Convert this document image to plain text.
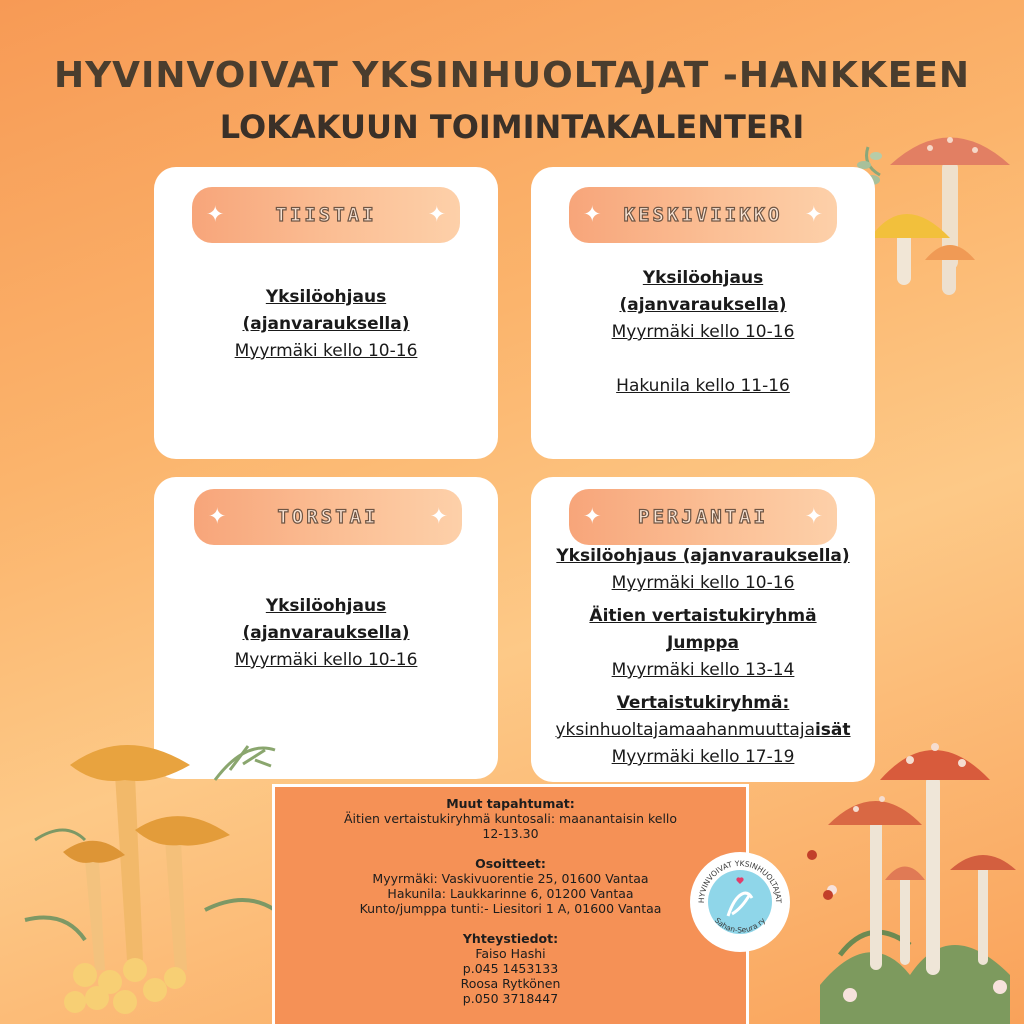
HYVINVOIVAT YKSINHUOLTAJAT -HANKKEEN
LOKAKUUN TOIMINTAKALENTERI
✦	TIISTAI ✦
Yksilöohjaus
(ajanvarauksella)
Myyrmäki kello 10-16
✦ KESKIVIIKKO ✦
Yksilöohjaus
(ajanvarauksella)
Myyrmäki kello 10-16
Hakunila kello 11-16
✦	TORSTAI ✦
Yksilöohjaus
(ajanvarauksella)
Myyrmäki kello 10-16
✦ PERJANTAI ✦
Yksilöohjaus (ajanvarauksella)
Myyrmäki kello 10-16
Äitien vertaistukiryhmä
Jumppa
Myyrmäki kello 13-14
Vertaistukiryhmä:
yksinhuoltajamaahanmuuttajaisät
Myyrmäki kello 17-19
Muut tapahtumat:
Äitien vertaistukiryhmä kuntosali: maanantaisin kello
12-13.30
Osoitteet:
Myyrmäki: Vaskivuorentie 25, 01600 Vantaa
Hakunila: Laukkarinne 6, 01200 Vantaa
Kunto/jumppa tunti:- Liesitori 1 A, 01600 Vantaa
Yhteystiedot:
Faiso Hashi
p.045 1453133
Roosa Rytkönen
p.050 3718447
HYVINVOIVAT YKSINHUOLTAJAT
Sahan-Seura ry
